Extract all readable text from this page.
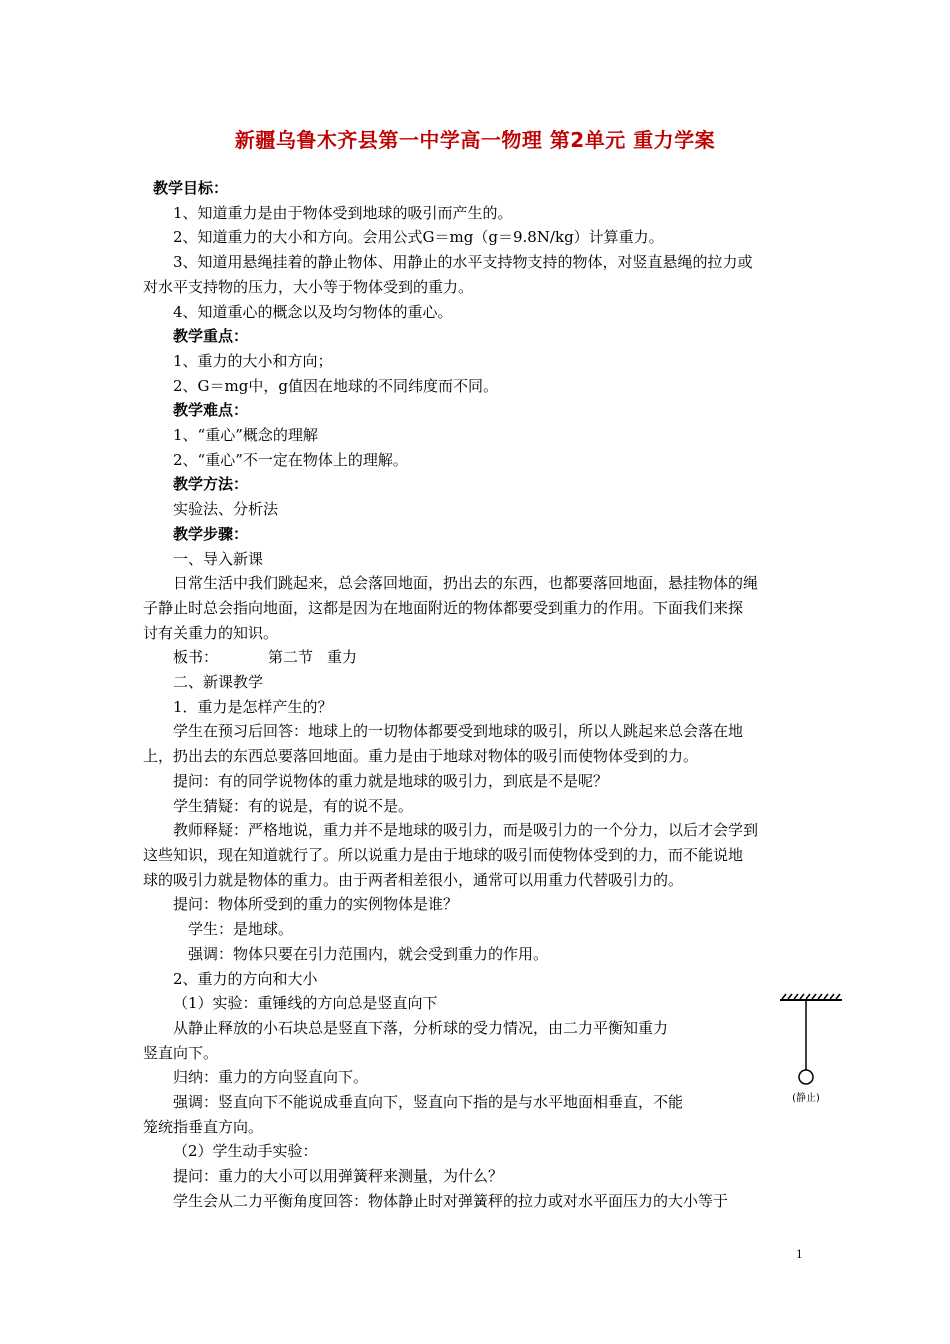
新疆乌鲁木齐县第一中学高一物理 第2单元 重力学案

教学目标：

1、知道重力是由于物体受到地球的吸引而产生的。

2、知道重力的大小和方向。会用公式G＝mg（g＝9.8N/kg）计算重力。

3、知道用悬绳挂着的静止物体、用静止的水平支持物支持的物体，对竖直悬绳的拉力或

对水平支持物的压力，大小等于物体受到的重力。

4、知道重心的概念以及均匀物体的重心。

教学重点：

1、重力的大小和方向；

2、G＝mg中，g值因在地球的不同纬度而不同。

教学难点：

1、“重心”概念的理解

2、“重心”不一定在物体上的理解。

教学方法：

实验法、分析法

教学步骤：

一、导入新课

日常生活中我们跳起来，总会落回地面，扔出去的东西，也都要落回地面，悬挂物体的绳

子静止时总会指向地面，这都是因为在地面附近的物体都要受到重力的作用。下面我们来探

讨有关重力的知识。

板书：	第二节 重力

二、新课教学

1．重力是怎样产生的？

学生在预习后回答：地球上的一切物体都要受到地球的吸引，所以人跳起来总会落在地

上，扔出去的东西总要落回地面。重力是由于地球对物体的吸引而使物体受到的力。

提问：有的同学说物体的重力就是地球的吸引力，到底是不是呢？

学生猜疑：有的说是，有的说不是。

教师释疑：严格地说，重力并不是地球的吸引力，而是吸引力的一个分力，以后才会学到

这些知识，现在知道就行了。所以说重力是由于地球的吸引而使物体受到的力，而不能说地

球的吸引力就是物体的重力。由于两者相差很小，通常可以用重力代替吸引力的。

提问：物体所受到的重力的实例物体是谁？

学生：是地球。

强调：物体只要在引力范围内，就会受到重力的作用。

2、重力的方向和大小

（1）实验：重锤线的方向总是竖直向下

从静止释放的小石块总是竖直下落，分析球的受力情况，由二力平衡知重力

竖直向下。

归纳：重力的方向竖直向下。

强调：竖直向下不能说成垂直向下，竖直向下指的是与水平地面相垂直，不能

笼统指垂直方向。

（2）学生动手实验：

提问：重力的大小可以用弹簧秤来测量，为什么？

学生会从二力平衡角度回答：物体静止时对弹簧秤的拉力或对水平面压力的大小等于

(静止)
1
